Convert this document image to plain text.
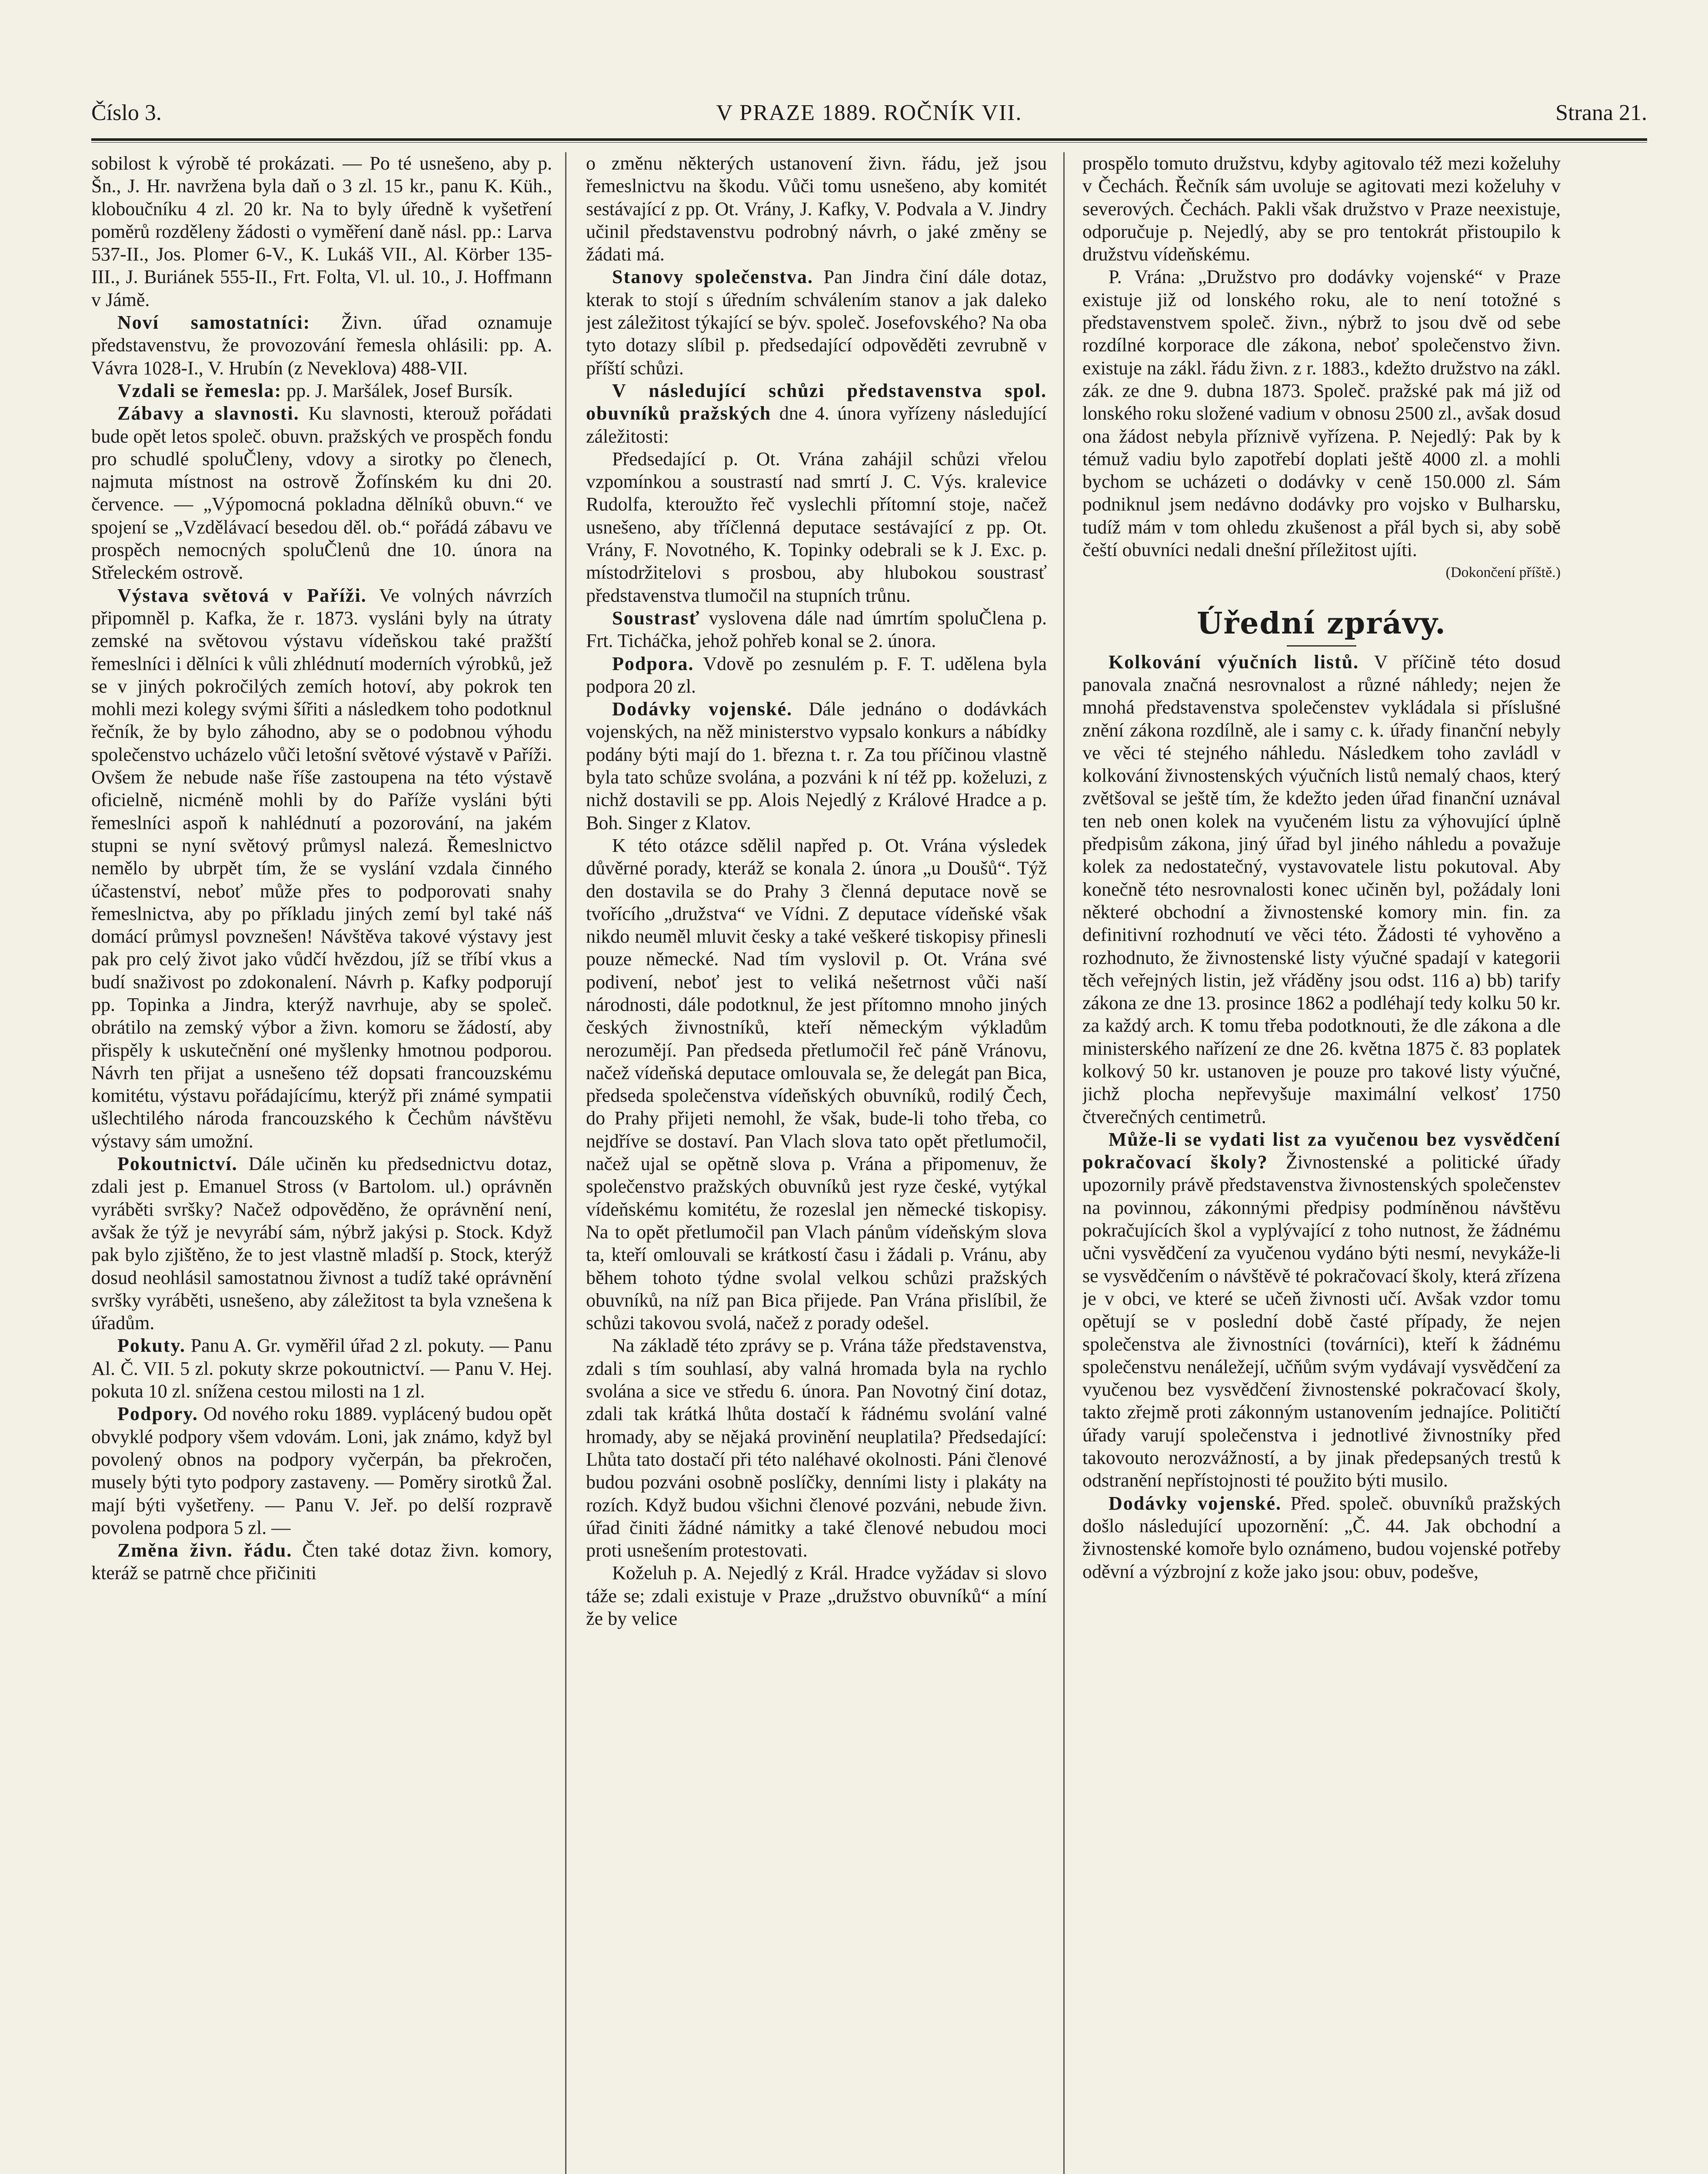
Číslo 3.	V PRAZE 1889. ROČNÍK VII.	Strana 21.

sobilost k výrobě té prokázati. — Po té usnešeno, aby p. Šn., J. Hr. navržena byla daň o 3 zl. 15 kr., panu K. Küh., kloboučníku 4 zl. 20 kr. Na to byly úředně k vyšetření poměrů rozděleny žádosti o vyměření daně násl. pp.: Larva 537-II., Jos. Plomer 6-V., K. Lukáš VII., Al. Körber 135-III., J. Buriánek 555-II., Frt. Folta, Vl. ul. 10., J. Hoffmann v Jámě.

Noví samostatníci: Živn. úřad oznamuje představenstvu, že provozování řemesla ohlásili: pp. A. Vávra 1028-I., V. Hrubín (z Neveklova) 488-VII.

Vzdali se řemesla: pp. J. Maršálek, Josef Bursík.

Zábavy a slavnosti. Ku slavnosti, kterouž pořádati bude opět letos společ. obuvn. pražských ve prospěch fondu pro schudlé spoluČleny, vdovy a sirotky po členech, najmuta místnost na ostrově Žofínském ku dni 20. července. — „Výpomocná pokladna dělníků obuvn.“ ve spojení se „Vzdělávací besedou děl. ob.“ pořádá zábavu ve prospěch nemocných spoluČlenů dne 10. února na Střeleckém ostrově.

Výstava světová v Paříži. Ve volných návrzích připomněl p. Kafka, že r. 1873. vysláni byly na útraty zemské na světovou výstavu vídeňskou také pražští řemeslníci i dělníci k vůli zhlédnutí moderních výrobků, jež se v jiných pokročilých zemích hotoví, aby pokrok ten mohli mezi kolegy svými šířiti a následkem toho podotknul řečník, že by bylo záhodno, aby se o podobnou výhodu společenstvo ucházelo vůči letošní světové výstavě v Paříži. Ovšem že nebude naše říše zastoupena na této výstavě oficielně, nicméně mohli by do Paříže vysláni býti řemeslníci aspoň k nahlédnutí a pozorování, na jakém stupni se nyní světový průmysl nalezá. Řemeslnictvo nemělo by ubrpět tím, že se vyslání vzdala činného účastenství, neboť může přes to podporovati snahy řemeslnictva, aby po příkladu jiných zemí byl také náš domácí průmysl povznešen! Návštěva takové výstavy jest pak pro celý život jako vůdčí hvězdou, jíž se tříbí vkus a budí snaživost po zdokonalení. Návrh p. Kafky podporují pp. Topinka a Jindra, kterýž navrhuje, aby se společ. obrátilo na zemský výbor a živn. komoru se žádostí, aby přispěly k uskutečnění oné myšlenky hmotnou podporou. Návrh ten přijat a usnešeno též dopsati francouzskému komitétu, výstavu pořádajícímu, kterýž při známé sympatii ušlechtilého národa francouzského k Čechům návštěvu výstavy sám umožní.

Pokoutnictví. Dále učiněn ku předsednictvu dotaz, zdali jest p. Emanuel Stross (v Bartolom. ul.) oprávněn vyráběti svršky? Načež odpověděno, že oprávnění není, avšak že týž je nevyrábí sám, nýbrž jakýsi p. Stock. Když pak bylo zjištěno, že to jest vlastně mladší p. Stock, kterýž dosud neohlásil samostatnou živnost a tudíž také oprávnění svršky vyráběti, usnešeno, aby záležitost ta byla vznešena k úřadům.

Pokuty. Panu A. Gr. vyměřil úřad 2 zl. pokuty. — Panu Al. Č. VII. 5 zl. pokuty skrze pokoutnictví. — Panu V. Hej. pokuta 10 zl. snížena cestou milosti na 1 zl.

Podpory. Od nového roku 1889. vyplácený budou opět obvyklé podpory všem vdovám. Loni, jak známo, když byl povolený obnos na podpory vyčerpán, ba překročen, musely býti tyto podpory zastaveny. — Poměry sirotků Žal. mají býti vyšetřeny. — Panu V. Jeř. po delší rozpravě povolena podpora 5 zl. —

Změna živn. řádu. Čten také dotaz živn. komory, kteráž se patrně chce přičiniti

o změnu některých ustanovení živn. řádu, jež jsou řemeslnictvu na škodu. Vůči tomu usnešeno, aby komitét sestávající z pp. Ot. Vrány, J. Kafky, V. Podvala a V. Jindry učinil představenstvu podrobný návrh, o jaké změny se žádati má.

Stanovy společenstva. Pan Jindra činí dále dotaz, kterak to stojí s úředním schválením stanov a jak daleko jest záležitost týkající se býv. společ. Josefovského? Na oba tyto dotazy slíbil p. předsedající odpověděti zevrubně v příští schůzi.

V následující schůzi představenstva spol. obuvníků pražských dne 4. února vyřízeny následující záležitosti:

Předsedající p. Ot. Vrána zahájil schůzi vřelou vzpomínkou a soustrastí nad smrtí J. C. Výs. kralevice Rudolfa, kteroužto řeč vyslechli přítomní stoje, načež usnešeno, aby tříčlenná deputace sestávající z pp. Ot. Vrány, F. Novotného, K. Topinky odebrali se k J. Exc. p. místodržitelovi s prosbou, aby hlubokou soustrasť představenstva tlumočil na stupních trůnu.

Soustrasť vyslovena dále nad úmrtím spoluČlena p. Frt. Ticháčka, jehož pohřeb konal se 2. února.

Podpora. Vdově po zesnulém p. F. T. udělena byla podpora 20 zl.

Dodávky vojenské. Dále jednáno o dodávkách vojenských, na něž ministerstvo vypsalo konkurs a nábídky podány býti mají do 1. března t. r. Za tou příčinou vlastně byla tato schůze svolána, a pozváni k ní též pp. koželuzi, z nichž dostavili se pp. Alois Nejedlý z Králové Hradce a p. Boh. Singer z Klatov.

K této otázce sdělil napřed p. Ot. Vrána výsledek důvěrné porady, kteráž se konala 2. února „u Doušů“. Týž den dostavila se do Prahy 3 členná deputace nově se tvořícího „družstva“ ve Vídni. Z deputace vídeňské však nikdo neuměl mluvit česky a také veškeré tiskopisy přinesli pouze německé. Nad tím vyslovil p. Ot. Vrána své podivení, neboť jest to veliká nešetrnost vůči naší národnosti, dále podotknul, že jest přítomno mnoho jiných českých živnostníků, kteří německým výkladům nerozumějí. Pan předseda přetlumočil řeč páně Vránovu, načež vídeňská deputace omlouvala se, že delegát pan Bica, předseda společenstva vídeňských obuvníků, rodilý Čech, do Prahy přijeti nemohl, že však, bude-li toho třeba, co nejdříve se dostaví. Pan Vlach slova tato opět přetlumočil, načež ujal se opětně slova p. Vrána a připomenuv, že společenstvo pražských obuvníků jest ryze české, vytýkal vídeňskému komitétu, že rozeslal jen německé tiskopisy. Na to opět přetlumočil pan Vlach pánům vídeňským slova ta, kteří omlouvali se krátkostí času i žádali p. Vránu, aby během tohoto týdne svolal velkou schůzi pražských obuvníků, na níž pan Bica přijede. Pan Vrána přislíbil, že schůzi takovou svolá, načež z porady odešel.

Na základě této zprávy se p. Vrána táže představenstva, zdali s tím souhlasí, aby valná hromada byla na rychlo svolána a sice ve středu 6. února. Pan Novotný činí dotaz, zdali tak krátká lhůta dostačí k řádnému svolání valné hromady, aby se nějaká provinění neuplatila? Předsedající: Lhůta tato dostačí při této naléhavé okolnosti. Páni členové budou pozváni osobně poslíčky, denními listy i plakáty na rozích. Když budou všichni členové pozváni, nebude živn. úřad činiti žádné námitky a také členové nebudou moci proti usnešením protestovati.

Koželuh p. A. Nejedlý z Král. Hradce vyžádav si slovo táže se; zdali existuje v Praze „družstvo obuvníků“ a míní že by velice

prospělo tomuto družstvu, kdyby agitovalo též mezi koželuhy v Čechách. Řečník sám uvoluje se agitovati mezi koželuhy v severových. Čechách. Pakli však družstvo v Praze neexistuje, odporučuje p. Nejedlý, aby se pro tentokrát přistoupilo k družstvu vídeňskému.

P. Vrána: „Družstvo pro dodávky vojenské“ v Praze existuje již od lonského roku, ale to není totožné s představenstvem společ. živn., nýbrž to jsou dvě od sebe rozdílné korporace dle zákona, neboť společenstvo živn. existuje na zákl. řádu živn. z r. 1883., kdežto družstvo na zákl. zák. ze dne 9. dubna 1873. Společ. pražské pak má již od lonského roku složené vadium v obnosu 2500 zl., avšak dosud ona žádost nebyla příznivě vyřízena. P. Nejedlý: Pak by k témuž vadiu bylo zapotřebí doplati ještě 4000 zl. a mohli bychom se ucházeti o dodávky v ceně 150.000 zl. Sám podniknul jsem nedávno dodávky pro vojsko v Bulharsku, tudíž mám v tom ohledu zkušenost a přál bych si, aby sobě čeští obuvníci nedali dnešní příležitost ujíti.

(Dokončení příště.)

Úřední zprávy.

Kolkování výučních listů. V příčině této dosud panovala značná nesrovnalost a různé náhledy; nejen že mnohá představenstva společenstev vykládala si příslušné znění zákona rozdílně, ale i samy c. k. úřady finanční nebyly ve věci té stejného náhledu. Následkem toho zavládl v kolkování živnostenských výučních listů nemalý chaos, který zvětšoval se ještě tím, že kdežto jeden úřad finanční uznával ten neb onen kolek na vyučeném listu za výhovující úplně předpisům zákona, jiný úřad byl jiného náhledu a považuje kolek za nedostatečný, vystavovatele listu pokutoval. Aby konečně této nesrovnalosti konec učiněn byl, požádaly loni některé obchodní a živnostenské komory min. fin. za definitivní rozhodnutí ve věci této. Žádosti té vyhověno a rozhodnuto, že živnostenské listy výučné spadají v kategorii těch veřejných listin, jež vřáděny jsou odst. 116 a) bb) tarify zákona ze dne 13. prosince 1862 a podléhají tedy kolku 50 kr. za každý arch. K tomu třeba podotknouti, že dle zákona a dle ministerského nařízení ze dne 26. května 1875 č. 83 poplatek kolkový 50 kr. ustanoven je pouze pro takové listy výučné, jichž plocha nepřevyšuje maximální velkosť 1750 čtverečných centimetrů.

Může-li se vydati list za vyučenou bez vysvědčení pokračovací školy? Živnostenské a politické úřady upozornily právě představenstva živnostenských společenstev na povinnou, zákonnými předpisy podmíněnou návštěvu pokračujících škol a vyplývající z toho nutnost, že žádnému učni vysvědčení za vyučenou vydáno býti nesmí, nevykáže-li se vysvědčením o návštěvě té pokračovací školy, která zřízena je v obci, ve které se učeň živnosti učí. Avšak vzdor tomu opětují se v poslední době časté případy, že nejen společenstva ale živnostníci (továrníci), kteří k žádnému společenstvu nenáležejí, učňům svým vydávají vysvědčení za vyučenou bez vysvědčení živnostenské pokračovací školy, takto zřejmě proti zákonným ustanovením jednajíce. Političtí úřady varují společenstva i jednotlivé živnostníky před takovouto nerozvážností, a by jinak předepsaných trestů k odstranění nepřístojnosti té použito býti musilo.

Dodávky vojenské. Před. společ. obuvníků pražských došlo následující upozornění: „Č. 44. Jak obchodní a živnostenské komoře bylo oznámeno, budou vojenské potřeby oděvní a výzbrojní z kože jako jsou: obuv, podešve,
